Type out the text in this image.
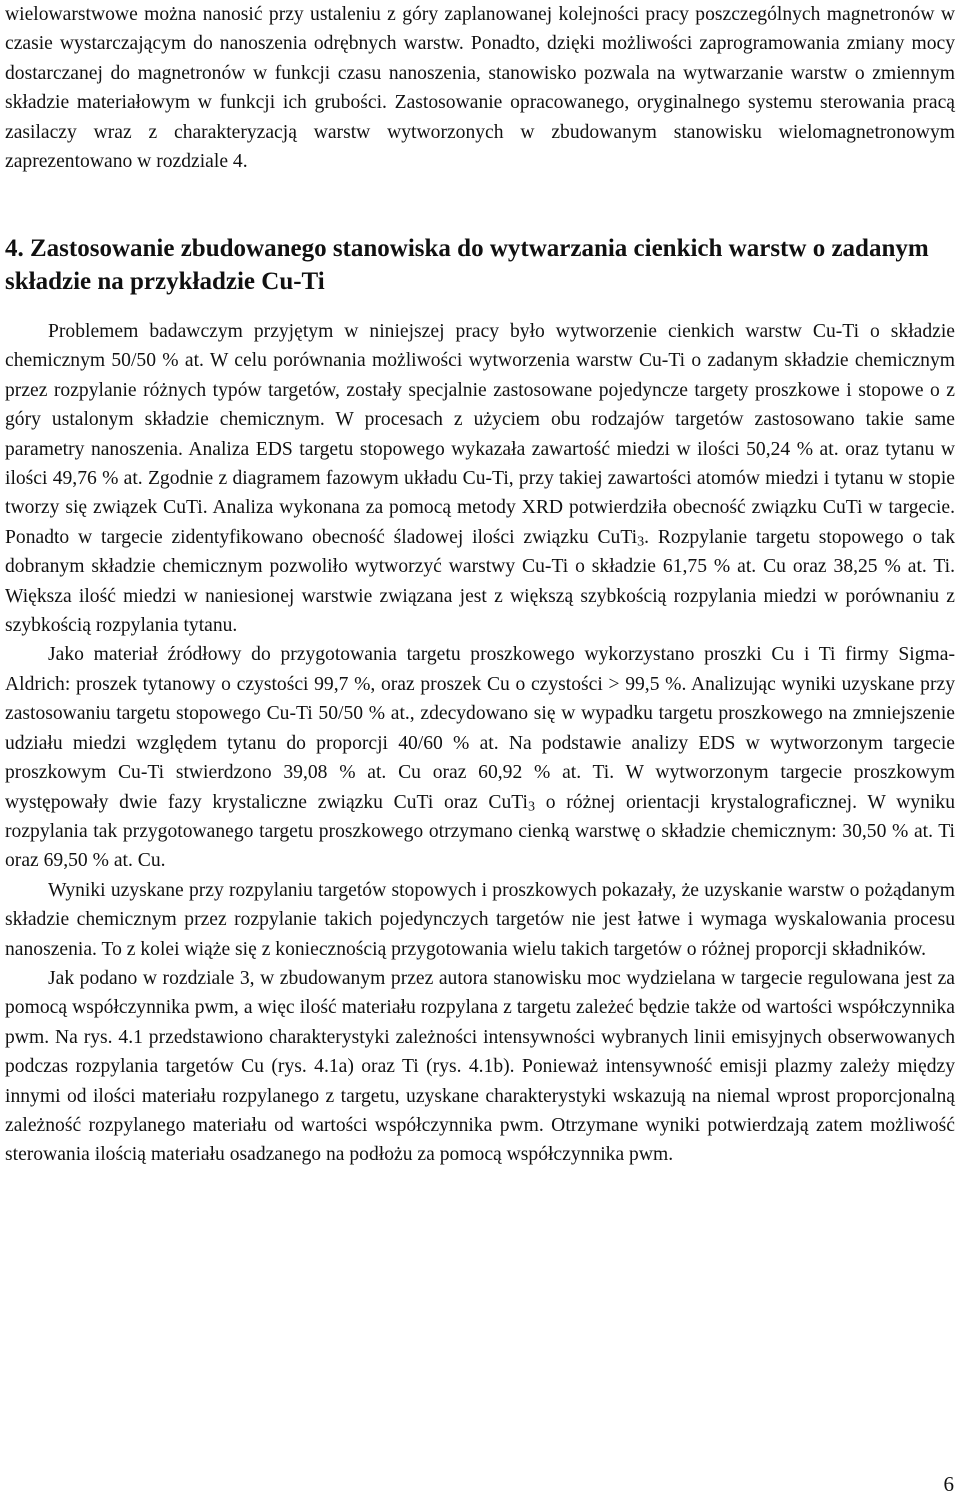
wielowarstwowe można nanosić przy ustaleniu z góry zaplanowanej kolejności pracy poszczególnych magnetronów w czasie wystarczającym do nanoszenia odrębnych warstw. Ponadto, dzięki możliwości zaprogramowania zmiany mocy dostarczanej do magnetronów w funkcji czasu nanoszenia, stanowisko pozwala na wytwarzanie warstw o zmiennym składzie materiałowym w funkcji ich grubości. Zastosowanie opracowanego, oryginalnego systemu sterowania pracą zasilaczy wraz z charakteryzacją warstw wytworzonych w zbudowanym stanowisku wielomagnetronowym zaprezentowano w rozdziale 4.

4. Zastosowanie zbudowanego stanowiska do wytwarzania cienkich warstw o zadanym składzie na przykładzie Cu-Ti

Problemem badawczym przyjętym w niniejszej pracy było wytworzenie cienkich warstw Cu-Ti o składzie chemicznym 50/50 % at. W celu porównania możliwości wytworzenia warstw Cu-Ti o zadanym składzie chemicznym przez rozpylanie różnych typów targetów, zostały specjalnie zastosowane pojedyncze targety proszkowe i stopowe o z góry ustalonym składzie chemicznym. W procesach z użyciem obu rodzajów targetów zastosowano takie same parametry nanoszenia. Analiza EDS targetu stopowego wykazała zawartość miedzi w ilości 50,24 % at. oraz tytanu w ilości 49,76 % at. Zgodnie z diagramem fazowym układu Cu-Ti, przy takiej zawartości atomów miedzi i tytanu w stopie tworzy się związek CuTi. Analiza wykonana za pomocą metody XRD potwierdziła obecność związku CuTi w targecie. Ponadto w targecie zidentyfikowano obecność śladowej ilości związku CuTi$_3$. Rozpylanie targetu stopowego o tak dobranym składzie chemicznym pozwoliło wytworzyć warstwy Cu-Ti o składzie 61,75 % at. Cu oraz 38,25 % at. Ti. Większa ilość miedzi w naniesionej warstwie związana jest z większą szybkością rozpylania miedzi w porównaniu z szybkością rozpylania tytanu.

Jako materiał źródłowy do przygotowania targetu proszkowego wykorzystano proszki Cu i Ti firmy Sigma-Aldrich: proszek tytanowy o czystości 99,7 %, oraz proszek Cu o czystości > 99,5 %. Analizując wyniki uzyskane przy zastosowaniu targetu stopowego Cu-Ti 50/50 % at., zdecydowano się w wypadku targetu proszkowego na zmniejszenie udziału miedzi względem tytanu do proporcji 40/60 % at. Na podstawie analizy EDS w wytworzonym targecie proszkowym Cu-Ti stwierdzono 39,08 % at. Cu oraz 60,92 % at. Ti. W wytworzonym targecie proszkowym występowały dwie fazy krystaliczne związku CuTi oraz CuTi$_3$ o różnej orientacji krystalograficznej. W wyniku rozpylania tak przygotowanego targetu proszkowego otrzymano cienką warstwę o składzie chemicznym: 30,50 % at. Ti oraz 69,50 % at. Cu.

Wyniki uzyskane przy rozpylaniu targetów stopowych i proszkowych pokazały, że uzyskanie warstw o pożądanym składzie chemicznym przez rozpylanie takich pojedynczych targetów nie jest łatwe i wymaga wyskalowania procesu nanoszenia. To z kolei wiąże się z koniecznością przygotowania wielu takich targetów o różnej proporcji składników.

Jak podano w rozdziale 3, w zbudowanym przez autora stanowisku moc wydzielana w targecie regulowana jest za pomocą współczynnika pwm, a więc ilość materiału rozpylana z targetu zależeć będzie także od wartości współczynnika pwm. Na rys. 4.1 przedstawiono charakterystyki zależności intensywności wybranych linii emisyjnych obserwowanych podczas rozpylania targetów Cu (rys. 4.1a) oraz Ti (rys. 4.1b). Ponieważ intensywność emisji plazmy zależy między innymi od ilości materiału rozpylanego z targetu, uzyskane charakterystyki wskazują na niemal wprost proporcjonalną zależność rozpylanego materiału od wartości współczynnika pwm. Otrzymane wyniki potwierdzają zatem możliwość sterowania ilością materiału osadzanego na podłożu za pomocą współczynnika pwm.

6
